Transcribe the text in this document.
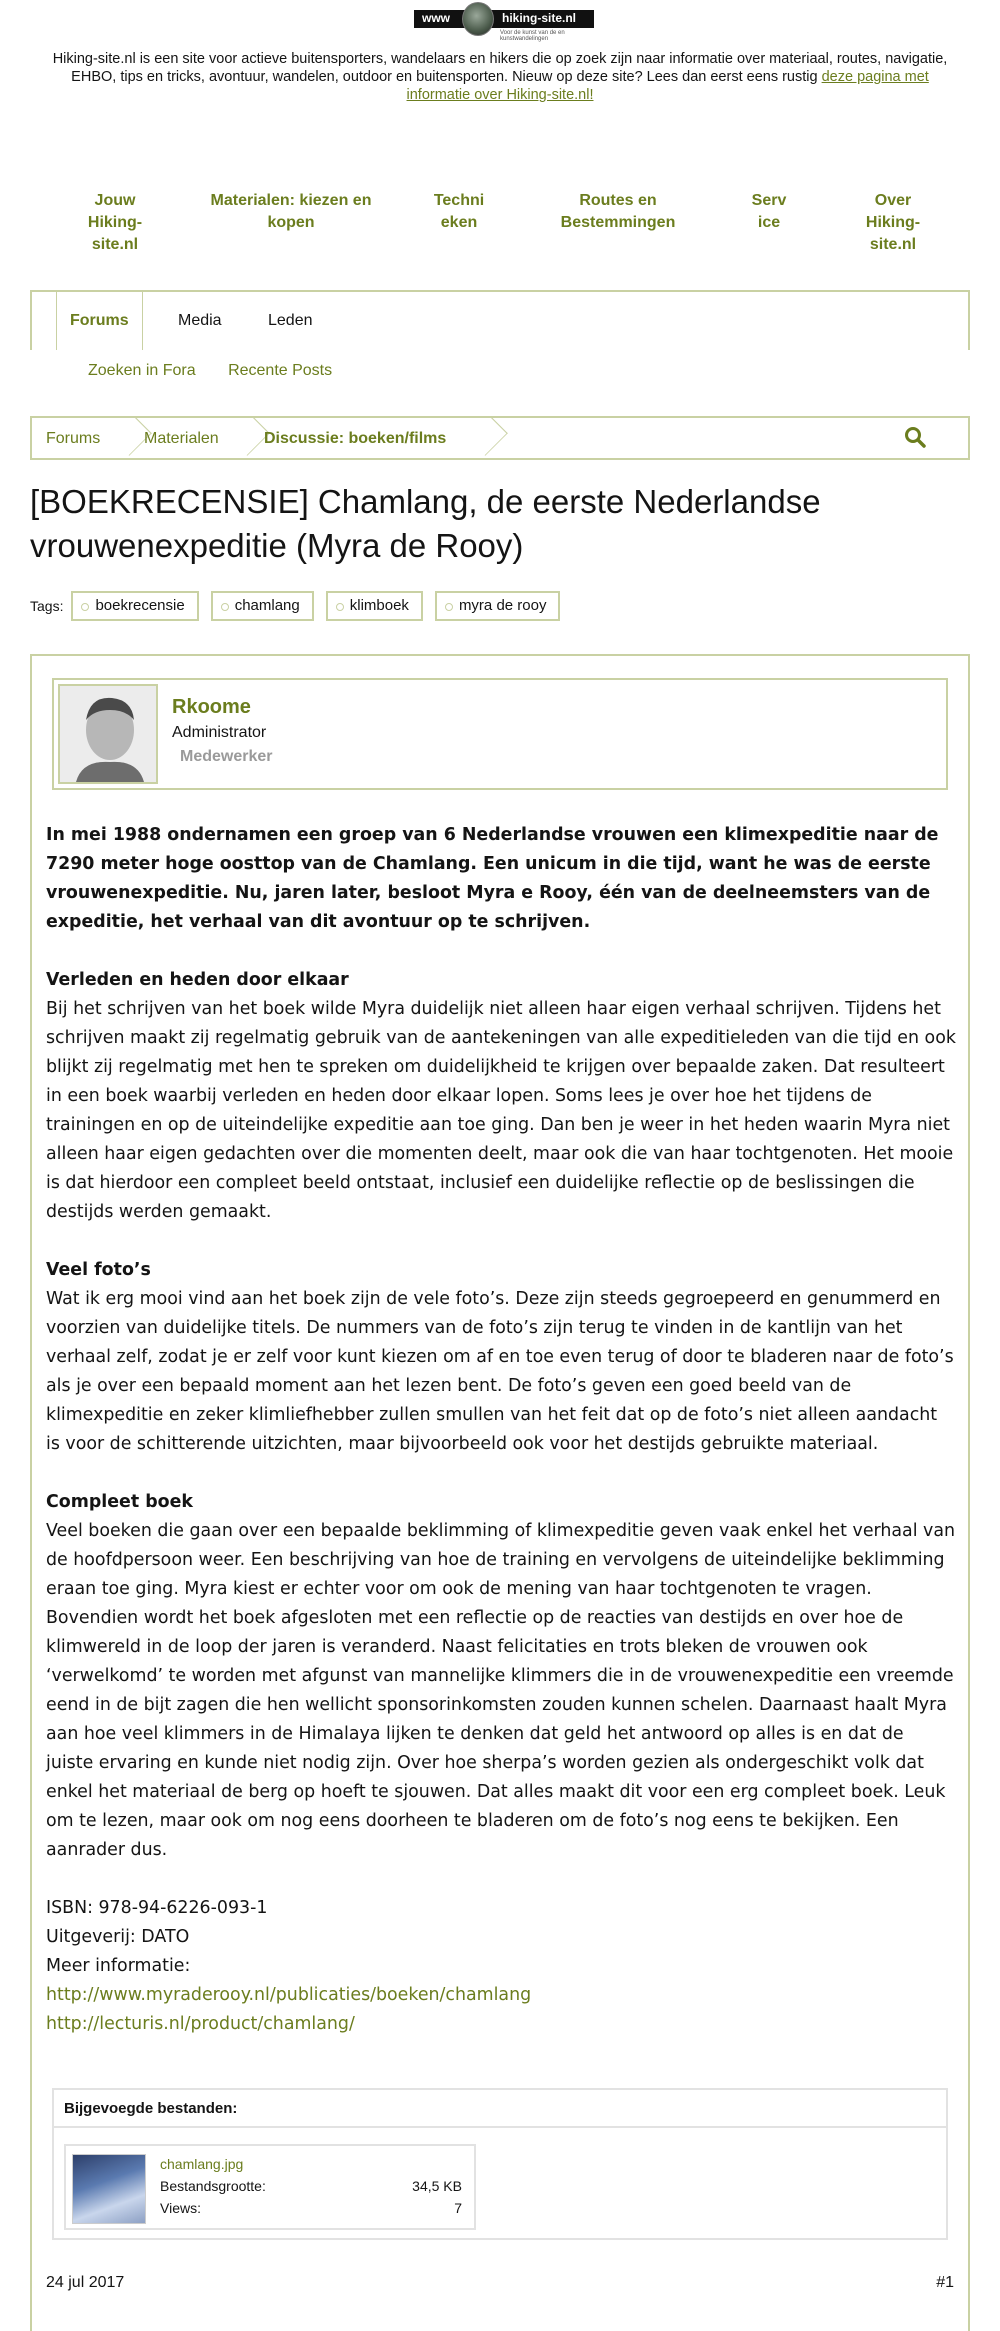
www	hiking-site.nl
Voor de kunst van de en kunstwandelingen
Hiking-site.nl is een site voor actieve buitensporters, wandelaars en hikers die op zoek zijn naar informatie over materiaal, routes, navigatie, EHBO, tips en tricks, avontuur, wandelen, outdoor en buitensporten. Nieuw op deze site? Lees dan eerst eens rustig deze pagina met informatie over Hiking-site.nl!
Jouw Hiking-site.nl
Materialen: kiezen en kopen
Techni eken
Routes en Bestemmingen
Serv ice
Over Hiking-site.nl
Forums	Media	Leden
Zoeken in Fora Recente Posts
Forums	Materialen	Discussie: boeken/films
[BOEKRECENSIE] Chamlang, de eerste Nederlandse vrouwenexpeditie (Myra de Rooy)
Tags:	boekrecensie	chamlang	klimboek	myra de rooy
Rkoome
Administrator
Medewerker

In mei 1988 ondernamen een groep van 6 Nederlandse vrouwen een klimexpeditie naar de 7290 meter hoge oosttop van de Chamlang. Een unicum in die tijd, want he was de eerste vrouwenexpeditie. Nu, jaren later, besloot Myra e Rooy, één van de deelneemsters van de expeditie, het verhaal van dit avontuur op te schrijven.

Verleden en heden door elkaar
Bij het schrijven van het boek wilde Myra duidelijk niet alleen haar eigen verhaal schrijven. Tijdens het schrijven maakt zij regelmatig gebruik van de aantekeningen van alle expeditieleden van die tijd en ook blijkt zij regelmatig met hen te spreken om duidelijkheid te krijgen over bepaalde zaken. Dat resulteert in een boek waarbij verleden en heden door elkaar lopen. Soms lees je over hoe het tijdens de trainingen en op de uiteindelijke expeditie aan toe ging. Dan ben je weer in het heden waarin Myra niet alleen haar eigen gedachten over die momenten deelt, maar ook die van haar tochtgenoten. Het mooie is dat hierdoor een compleet beeld ontstaat, inclusief een duidelijke reflectie op de beslissingen die destijds werden gemaakt.

Veel foto’s
Wat ik erg mooi vind aan het boek zijn de vele foto’s. Deze zijn steeds gegroepeerd en genummerd en voorzien van duidelijke titels. De nummers van de foto’s zijn terug te vinden in de kantlijn van het verhaal zelf, zodat je er zelf voor kunt kiezen om af en toe even terug of door te bladeren naar de foto’s als je over een bepaald moment aan het lezen bent. De foto’s geven een goed beeld van de klimexpeditie en zeker klimliefhebber zullen smullen van het feit dat op de foto’s niet alleen aandacht is voor de schitterende uitzichten, maar bijvoorbeeld ook voor het destijds gebruikte materiaal.

Compleet boek
Veel boeken die gaan over een bepaalde beklimming of klimexpeditie geven vaak enkel het verhaal van de hoofdpersoon weer. Een beschrijving van hoe de training en vervolgens de uiteindelijke beklimming eraan toe ging. Myra kiest er echter voor om ook de mening van haar tochtgenoten te vragen. Bovendien wordt het boek afgesloten met een reflectie op de reacties van destijds en over hoe de klimwereld in de loop der jaren is veranderd. Naast felicitaties en trots bleken de vrouwen ook ‘verwelkomd’ te worden met afgunst van mannelijke klimmers die in de vrouwenexpeditie een vreemde eend in de bijt zagen die hen wellicht sponsorinkomsten zouden kunnen schelen. Daarnaast haalt Myra aan hoe veel klimmers in de Himalaya lijken te denken dat geld het antwoord op alles is en dat de juiste ervaring en kunde niet nodig zijn. Over hoe sherpa’s worden gezien als ondergeschikt volk dat enkel het materiaal de berg op hoeft te sjouwen. Dat alles maakt dit voor een erg compleet boek. Leuk om te lezen, maar ook om nog eens doorheen te bladeren om de foto’s nog eens te bekijken. Een aanrader dus.

ISBN: 978-94-6226-093-1
Uitgeverij: DATO
Meer informatie:
http://www.myraderooy.nl/publicaties/boeken/chamlang
http://lecturis.nl/product/chamlang/
Bijgevoegde bestanden:
chamlang.jpg
Bestandsgrootte:	34,5 KB
Views:	7
24 jul 2017	#1
